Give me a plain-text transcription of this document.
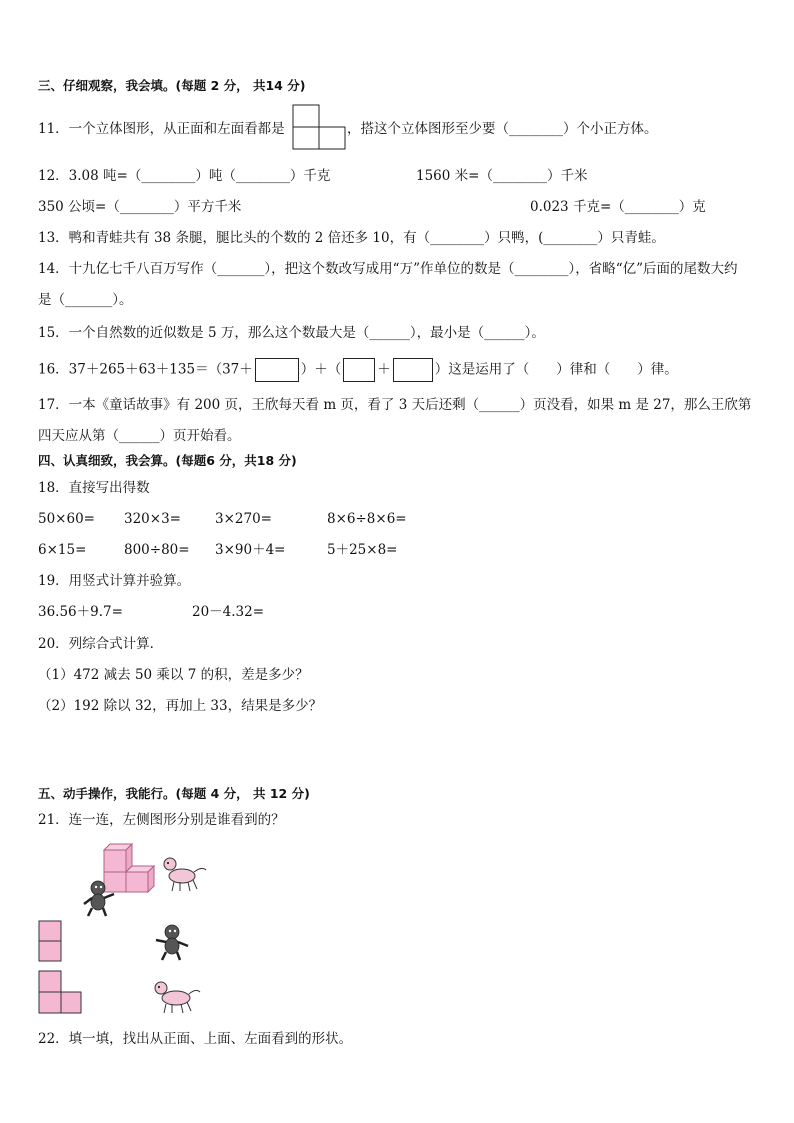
三、仔细观察，我会填。(每题 2 分， 共14 分)
11．一个立体图形，从正面和左面看都是	，搭这个立体图形至少要（________）个小正方体。
12．3.08 吨=（________）吨（________）千克	1560 米=（________）千米
350 公顷=（________）平方千米	0.023 千克=（________）克
13．鸭和青蛙共有 38 条腿，腿比头的个数的 2 倍还多 10，有（________）只鸭，(________）只青蛙。
14．十九亿七千八百万写作（_______），把这个数改写成用“万”作单位的数是（________），省略“亿”后面的尾数大约
是（_______）。
15．一个自然数的近似数是 5 万，那么这个数最大是（______），最小是（______）。
16．37＋265＋63＋135＝（37＋	）＋（	＋	）这是运用了（　　）律和（　　）律。
17．一本《童话故事》有 200 页，王欣每天看 m 页，看了 3 天后还剩（______）页没看，如果 m 是 27，那么王欣第
四天应从第（______）页开始看。
四、认真细致，我会算。(每题6 分，共18 分)
18．直接写出得数
50×60= 320×3=	3×270=	8×6÷8×6=
6×15=	800÷80= 3×90＋4=	5＋25×8=
19．用竖式计算并验算。
36.56＋9.7=	20－4.32=
20．列综合式计算．
（1）472 减去 50 乘以 7 的积，差是多少？
（2）192 除以 32，再加上 33，结果是多少？
五、动手操作，我能行。(每题 4 分， 共 12 分)
21．连一连，左侧图形分别是谁看到的？
22．填一填，找出从正面、上面、左面看到的形状。
